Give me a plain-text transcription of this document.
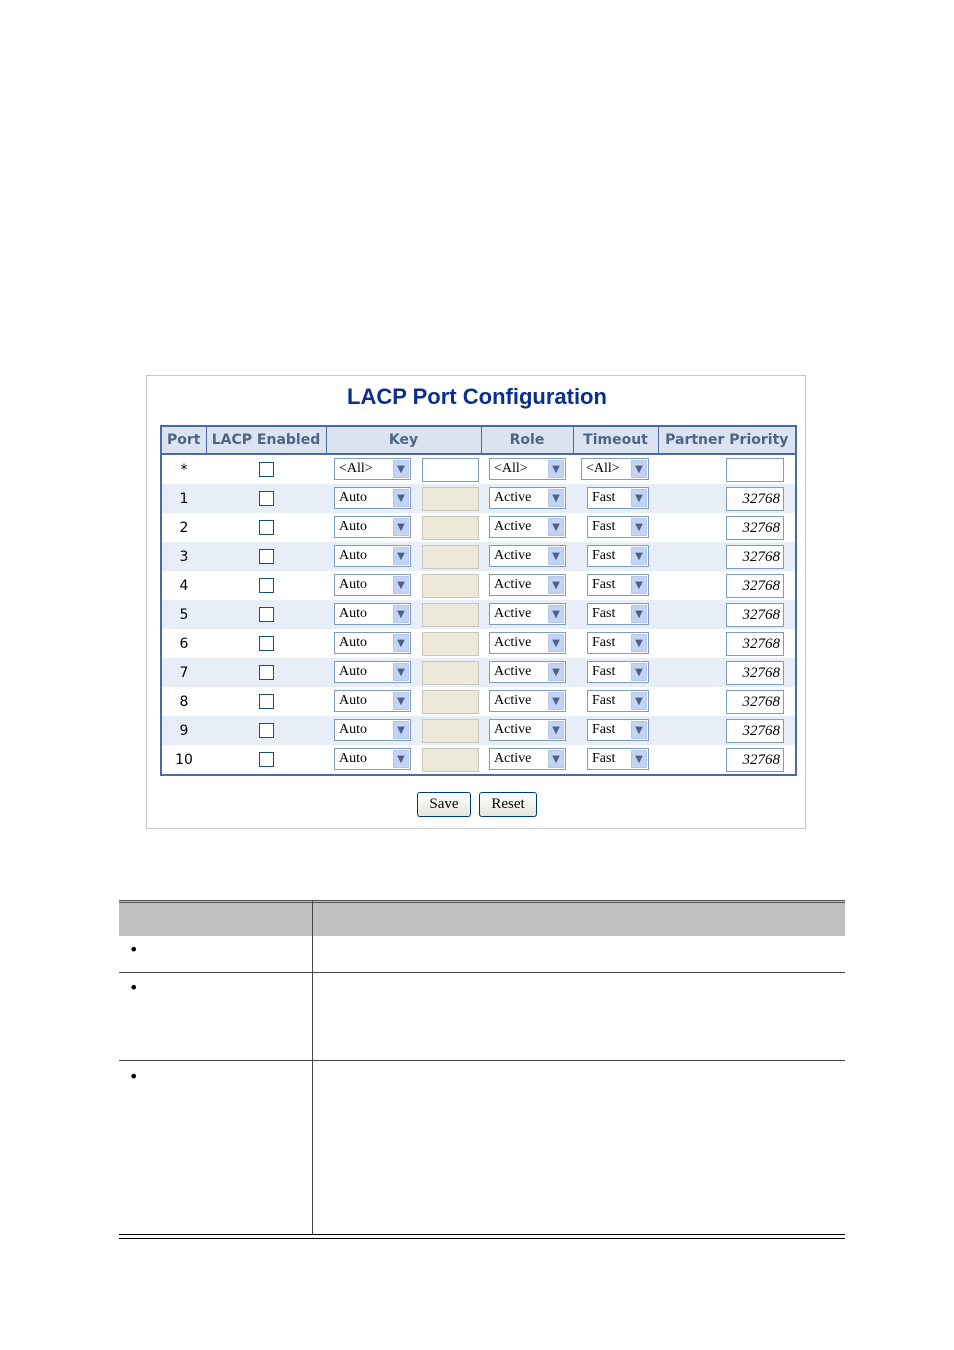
LACP Port Configuration
Port	LACP Enabled	Key	Role	Timeout	Partner Priority
*		<All> ▼	<All> ▼	<All> ▼	

1		Auto ▼	Active ▼	Fast ▼	32768

2		Auto ▼	Active ▼	Fast ▼	32768

3		Auto ▼	Active ▼	Fast ▼	32768

4		Auto ▼	Active ▼	Fast ▼	32768

5		Auto ▼	Active ▼	Fast ▼	32768

6		Auto ▼	Active ▼	Fast ▼	32768

7		Auto ▼	Active ▼	Fast ▼	32768

8		Auto ▼	Active ▼	Fast ▼	32768

9		Auto ▼	Active ▼	Fast ▼	32768

10		Auto ▼	Active ▼	Fast ▼	32768
Save	Reset
•
•
•
